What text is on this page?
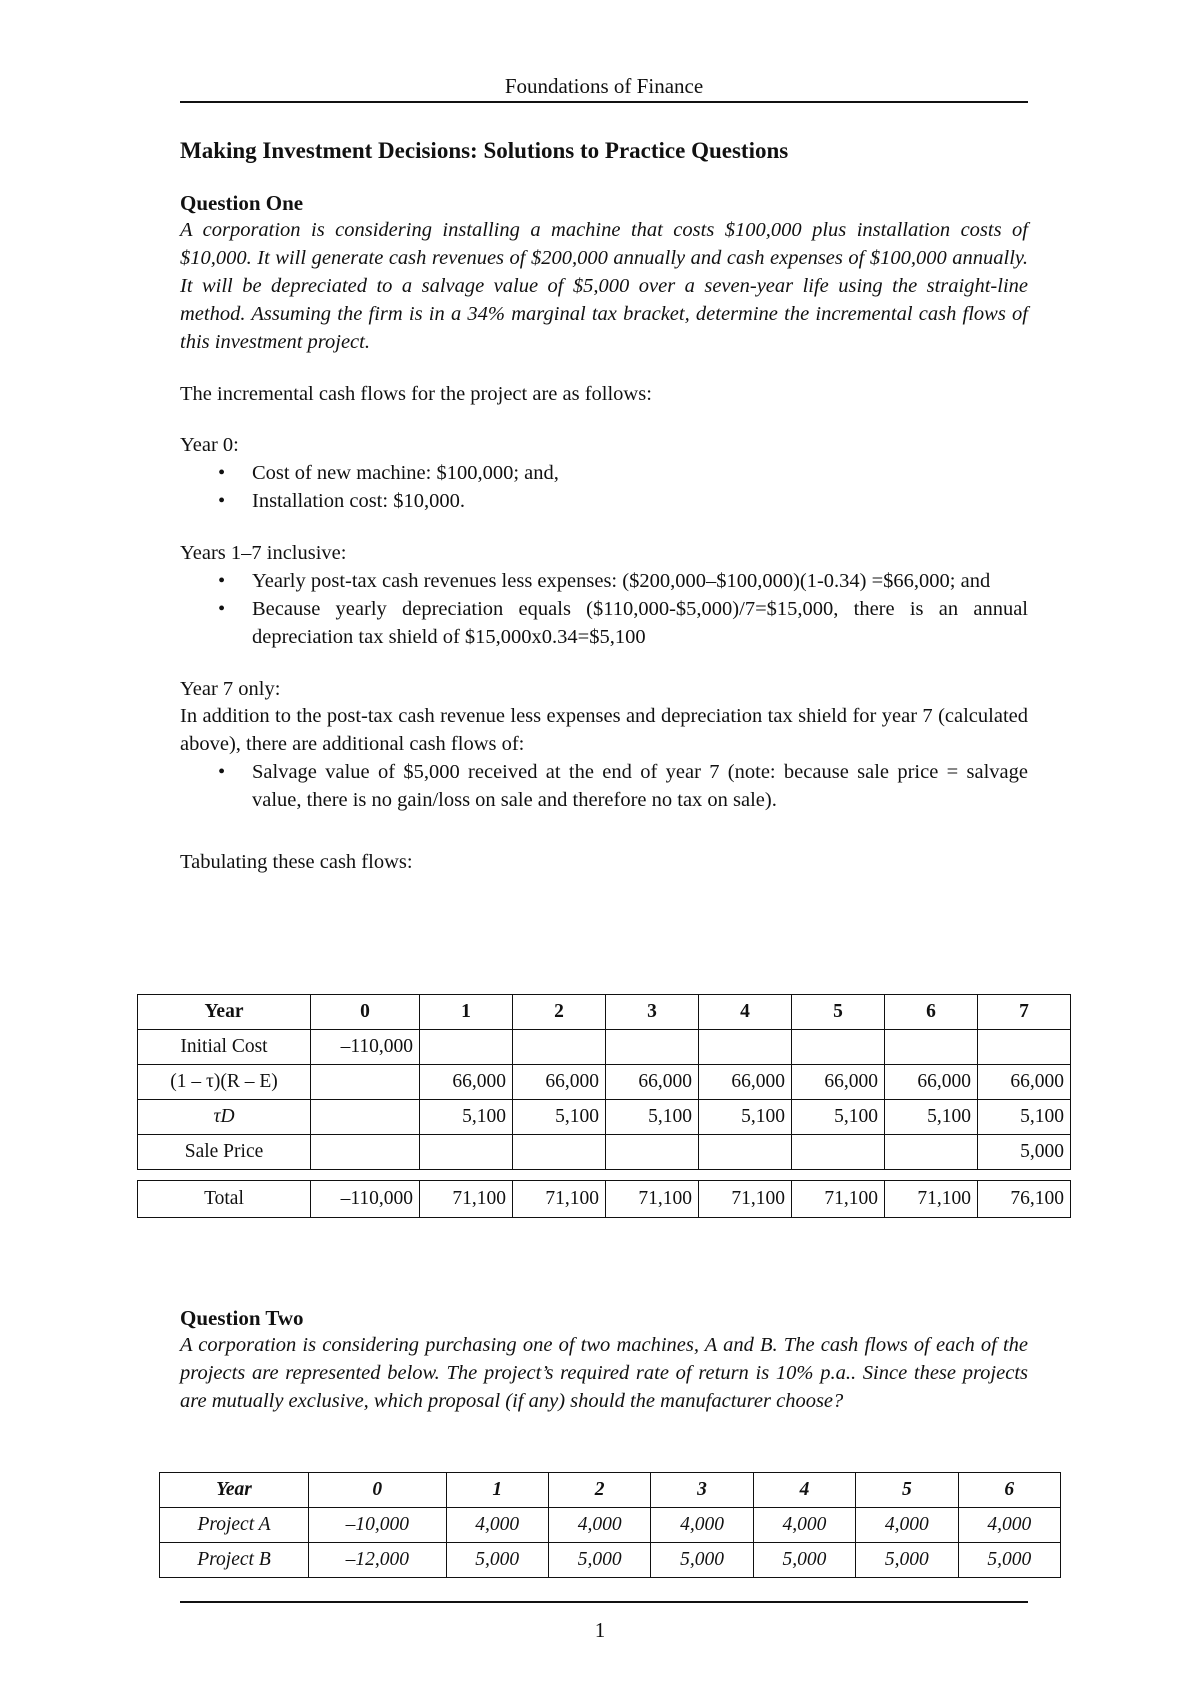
Foundations of Finance
Making Investment Decisions: Solutions to Practice Questions
Question One

A corporation is considering installing a machine that costs $100,000 plus installation costs of $10,000. It will generate cash revenues of $200,000 annually and cash expenses of $100,000 annually. It will be depreciated to a salvage value of $5,000 over a seven-year life using the straight-line method. Assuming the firm is in a 34% marginal tax bracket, determine the incremental cash flows of this investment project.

The incremental cash flows for the project are as follows:

Year 0:

• Cost of new machine: $100,000; and,
• Installation cost: $10,000.

Years 1–7 inclusive:

• Yearly post-tax cash revenues less expenses: ($200,000–$100,000)(1-0.34) =$66,000; and
• Because yearly depreciation equals ($110,000-$5,000)/7=$15,000, there is an annual depreciation tax shield of $15,000x0.34=$5,100

Year 7 only:

In addition to the post-tax cash revenue less expenses and depreciation tax shield for year 7 (calculated above), there are additional cash flows of:

• Salvage value of $5,000 received at the end of year 7 (note: because sale price = salvage value, there is no gain/loss on sale and therefore no tax on sale).

Tabulating these cash flows:

Year	0	1	2	3	4	5	6	7
Initial Cost	–110,000							
(1 – τ)(R – E)		66,000	66,000	66,000	66,000	66,000	66,000	66,000
τD		5,100	5,100	5,100	5,100	5,100	5,100	5,100
Sale Price								5,000
Total	–110,000	71,100	71,100	71,100	71,100	71,100	71,100	76,100
Question Two

A corporation is considering purchasing one of two machines, A and B. The cash flows of each of the projects are represented below. The project’s required rate of return is 10% p.a.. Since these projects are mutually exclusive, which proposal (if any) should the manufacturer choose?

Year	0	1	2	3	4	5	6
Project A	–10,000	4,000	4,000	4,000	4,000	4,000	4,000
Project B	–12,000	5,000	5,000	5,000	5,000	5,000	5,000
1
